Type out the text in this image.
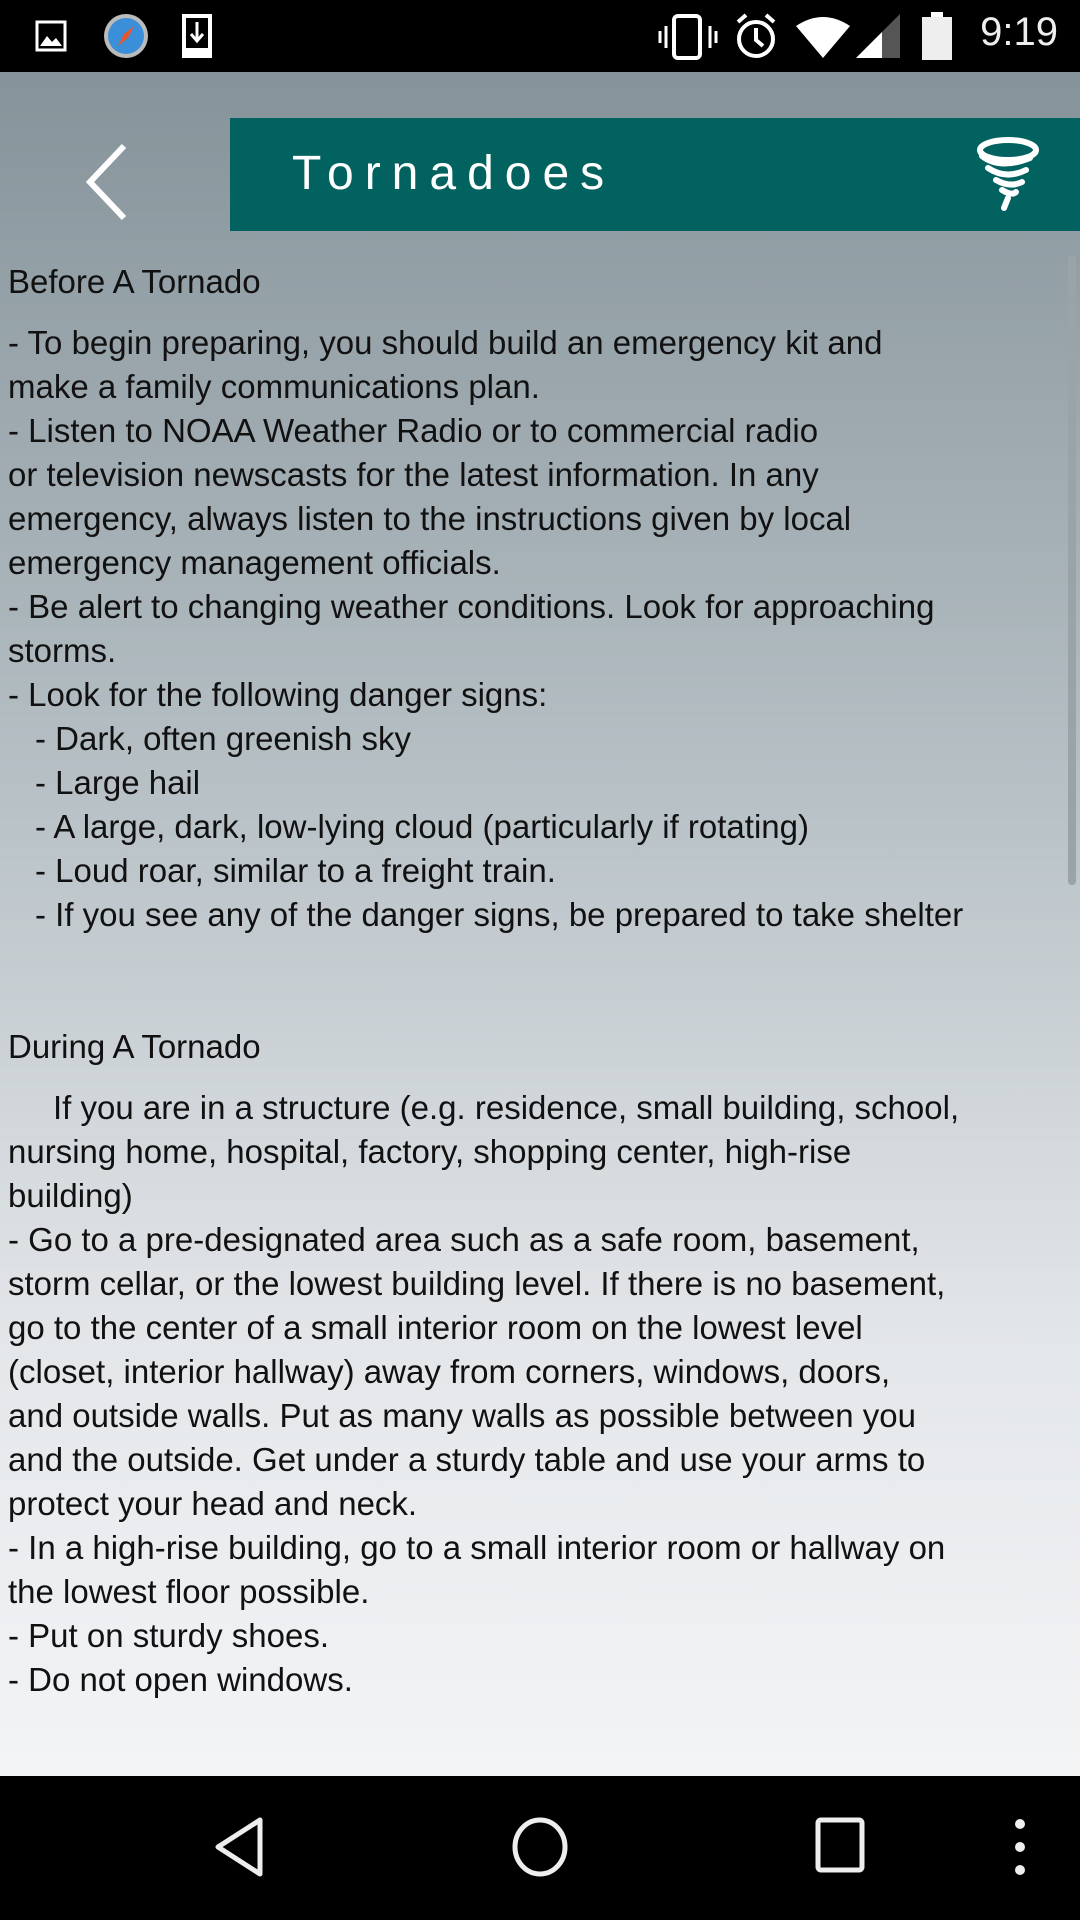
9:19
Tornadoes
Before A Tornado
- To begin preparing, you should build an emergency kit and
make a family communications plan.
- Listen to NOAA Weather Radio or to commercial radio
or television newscasts for the latest information. In any
emergency, always listen to the instructions given by local
emergency management officials.
- Be alert to changing weather conditions. Look for approaching
storms.
- Look for the following danger signs:
- Dark, often greenish sky
- Large hail
- A large, dark, low-lying cloud (particularly if rotating)
- Loud roar, similar to a freight train.
- If you see any of the danger signs, be prepared to take shelter
During A Tornado
If you are in a structure (e.g. residence, small building, school,
nursing home, hospital, factory, shopping center, high-rise
building)
- Go to a pre-designated area such as a safe room, basement,
storm cellar, or the lowest building level. If there is no basement,
go to the center of a small interior room on the lowest level
(closet, interior hallway) away from corners, windows, doors,
and outside walls. Put as many walls as possible between you
and the outside. Get under a sturdy table and use your arms to
protect your head and neck.
- In a high-rise building, go to a small interior room or hallway on
the lowest floor possible.
- Put on sturdy shoes.
- Do not open windows.
